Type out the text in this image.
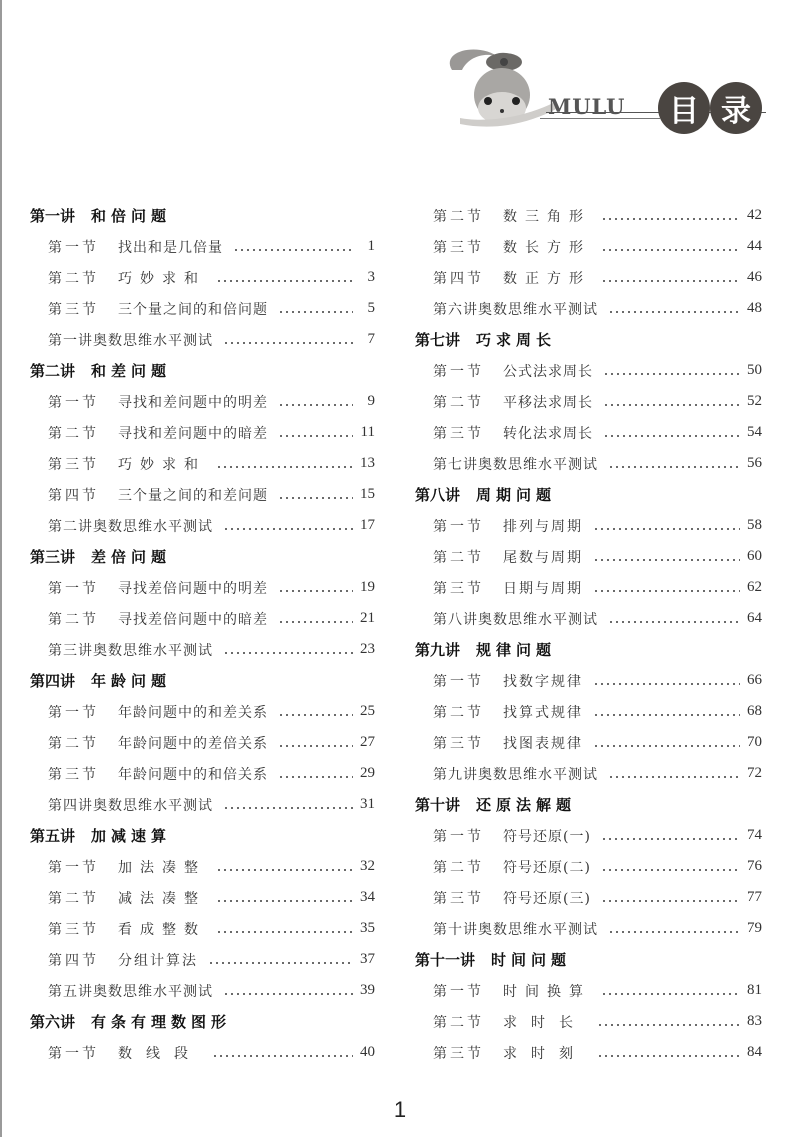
MULU 目 录
第一讲 和倍问题
第一节	找出和是几倍量	1
第二节	巧妙求和	3
第三节	三个量之间的和倍问题	5
第一讲奥数思维水平测试	7
第二讲 和差问题
第一节	寻找和差问题中的明差	9
第二节	寻找和差问题中的暗差	11
第三节	巧妙求和	13
第四节	三个量之间的和差问题	15
第二讲奥数思维水平测试	17
第三讲 差倍问题
第一节	寻找差倍问题中的明差	19
第二节	寻找差倍问题中的暗差	21
第三讲奥数思维水平测试	23
第四讲 年龄问题
第一节	年龄问题中的和差关系	25
第二节	年龄问题中的差倍关系	27
第三节	年龄问题中的和倍关系	29
第四讲奥数思维水平测试	31
第五讲 加减速算
第一节	加法凑整	32
第二节	减法凑整	34
第三节	看成整数	35
第四节	分组计算法	37
第五讲奥数思维水平测试	39
第六讲 有条有理数图形
第一节	数线段	40
第二节	数三角形	42
第三节	数长方形	44
第四节	数正方形	46
第六讲奥数思维水平测试	48
第七讲 巧求周长
第一节	公式法求周长	50
第二节	平移法求周长	52
第三节	转化法求周长	54
第七讲奥数思维水平测试	56
第八讲 周期问题
第一节	排列与周期	58
第二节	尾数与周期	60
第三节	日期与周期	62
第八讲奥数思维水平测试	64
第九讲 规律问题
第一节	找数字规律	66
第二节	找算式规律	68
第三节	找图表规律	70
第九讲奥数思维水平测试	72
第十讲 还原法解题
第一节	符号还原(一)	74
第二节	符号还原(二)	76
第三节	符号还原(三)	77
第十讲奥数思维水平测试	79
第十一讲 时间问题
第一节	时间换算	81
第二节	求时长	83
第三节	求时刻	84
1
